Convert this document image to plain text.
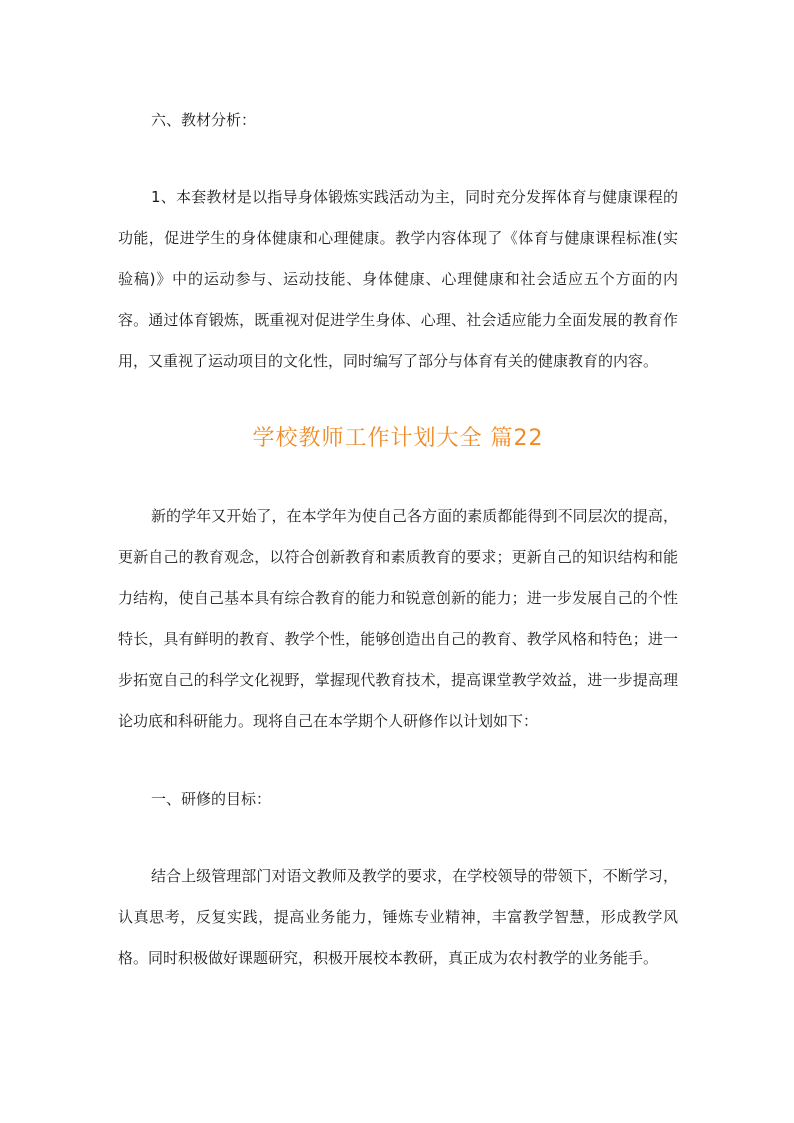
六、教材分析：

1、本套教材是以指导身体锻炼实践活动为主，同时充分发挥体育与健康课程的功能，促进学生的身体健康和心理健康。教学内容体现了《体育与健康课程标准(实验稿)》中的运动参与、运动技能、身体健康、心理健康和社会适应五个方面的内容。通过体育锻炼，既重视对促进学生身体、心理、社会适应能力全面发展的教育作用，又重视了运动项目的文化性，同时编写了部分与体育有关的健康教育的内容。

学校教师工作计划大全 篇22

新的学年又开始了，在本学年为使自己各方面的素质都能得到不同层次的提高，更新自己的教育观念，以符合创新教育和素质教育的要求；更新自己的知识结构和能力结构，使自己基本具有综合教育的能力和锐意创新的能力；进一步发展自己的个性特长，具有鲜明的教育、教学个性，能够创造出自己的教育、教学风格和特色；进一步拓宽自己的科学文化视野，掌握现代教育技术，提高课堂教学效益，进一步提高理论功底和科研能力。现将自己在本学期个人研修作以计划如下：

一、研修的目标：

结合上级管理部门对语文教师及教学的要求，在学校领导的带领下，不断学习，认真思考，反复实践，提高业务能力，锤炼专业精神，丰富教学智慧，形成教学风格。同时积极做好课题研究，积极开展校本教研，真正成为农村教学的业务能手。
